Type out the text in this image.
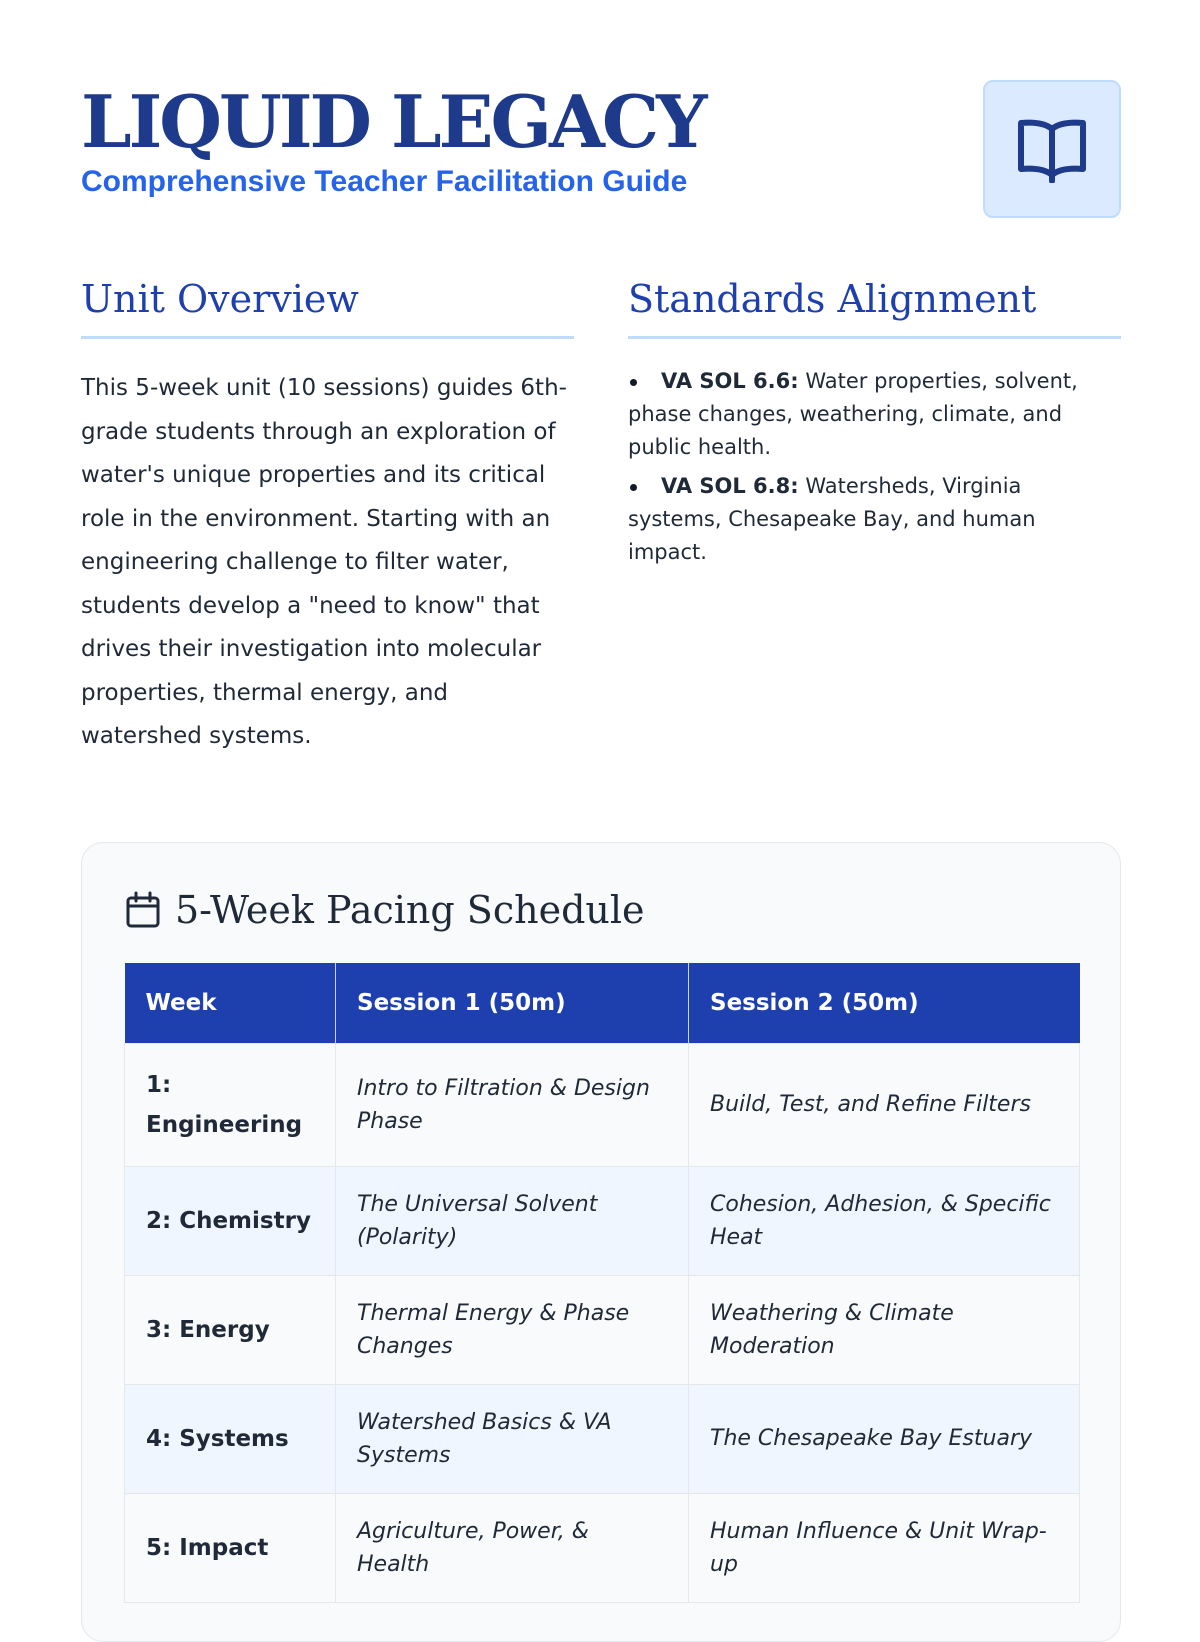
LIQUID LEGACY
Comprehensive Teacher Facilitation Guide
Unit Overview

This 5-week unit (10 sessions) guides 6th-grade students through an exploration of water's unique properties and its critical role in the environment. Starting with an engineering challenge to filter water, students develop a "need to know" that drives their investigation into molecular properties, thermal energy, and watershed systems.

Standards Alignment
VA SOL 6.6: Water properties, solvent, phase changes, weathering, climate, and public health.
VA SOL 6.8: Watersheds, Virginia systems, Chesapeake Bay, and human impact.
5-Week Pacing Schedule
Week	Session 1 (50m)	Session 2 (50m)
1: Engineering	Intro to Filtration & Design Phase	Build, Test, and Refine Filters
2: Chemistry	The Universal Solvent (Polarity)	Cohesion, Adhesion, & Specific Heat
3: Energy	Thermal Energy & Phase Changes	Weathering & Climate Moderation
4: Systems	Watershed Basics & VA Systems	The Chesapeake Bay Estuary
5: Impact	Agriculture, Power, & Health	Human Influence & Unit Wrap-up
